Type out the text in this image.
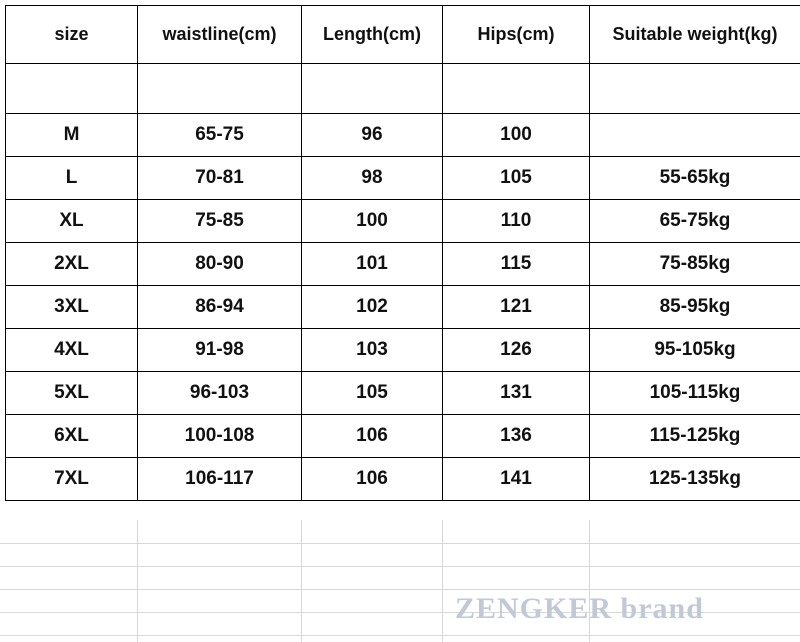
size	waistline(cm)	Length(cm)	Hips(cm)	Suitable weight(kg)

M	65-75	96	100	
L	70-81	98	105	55-65kg
XL	75-85	100	110	65-75kg
2XL	80-90	101	115	75-85kg
3XL	86-94	102	121	85-95kg
4XL	91-98	103	126	95-105kg
5XL	96-103	105	131	105-115kg
6XL	100-108	106	136	115-125kg
7XL	106-117	106	141	125-135kg
ZENGKER brand
